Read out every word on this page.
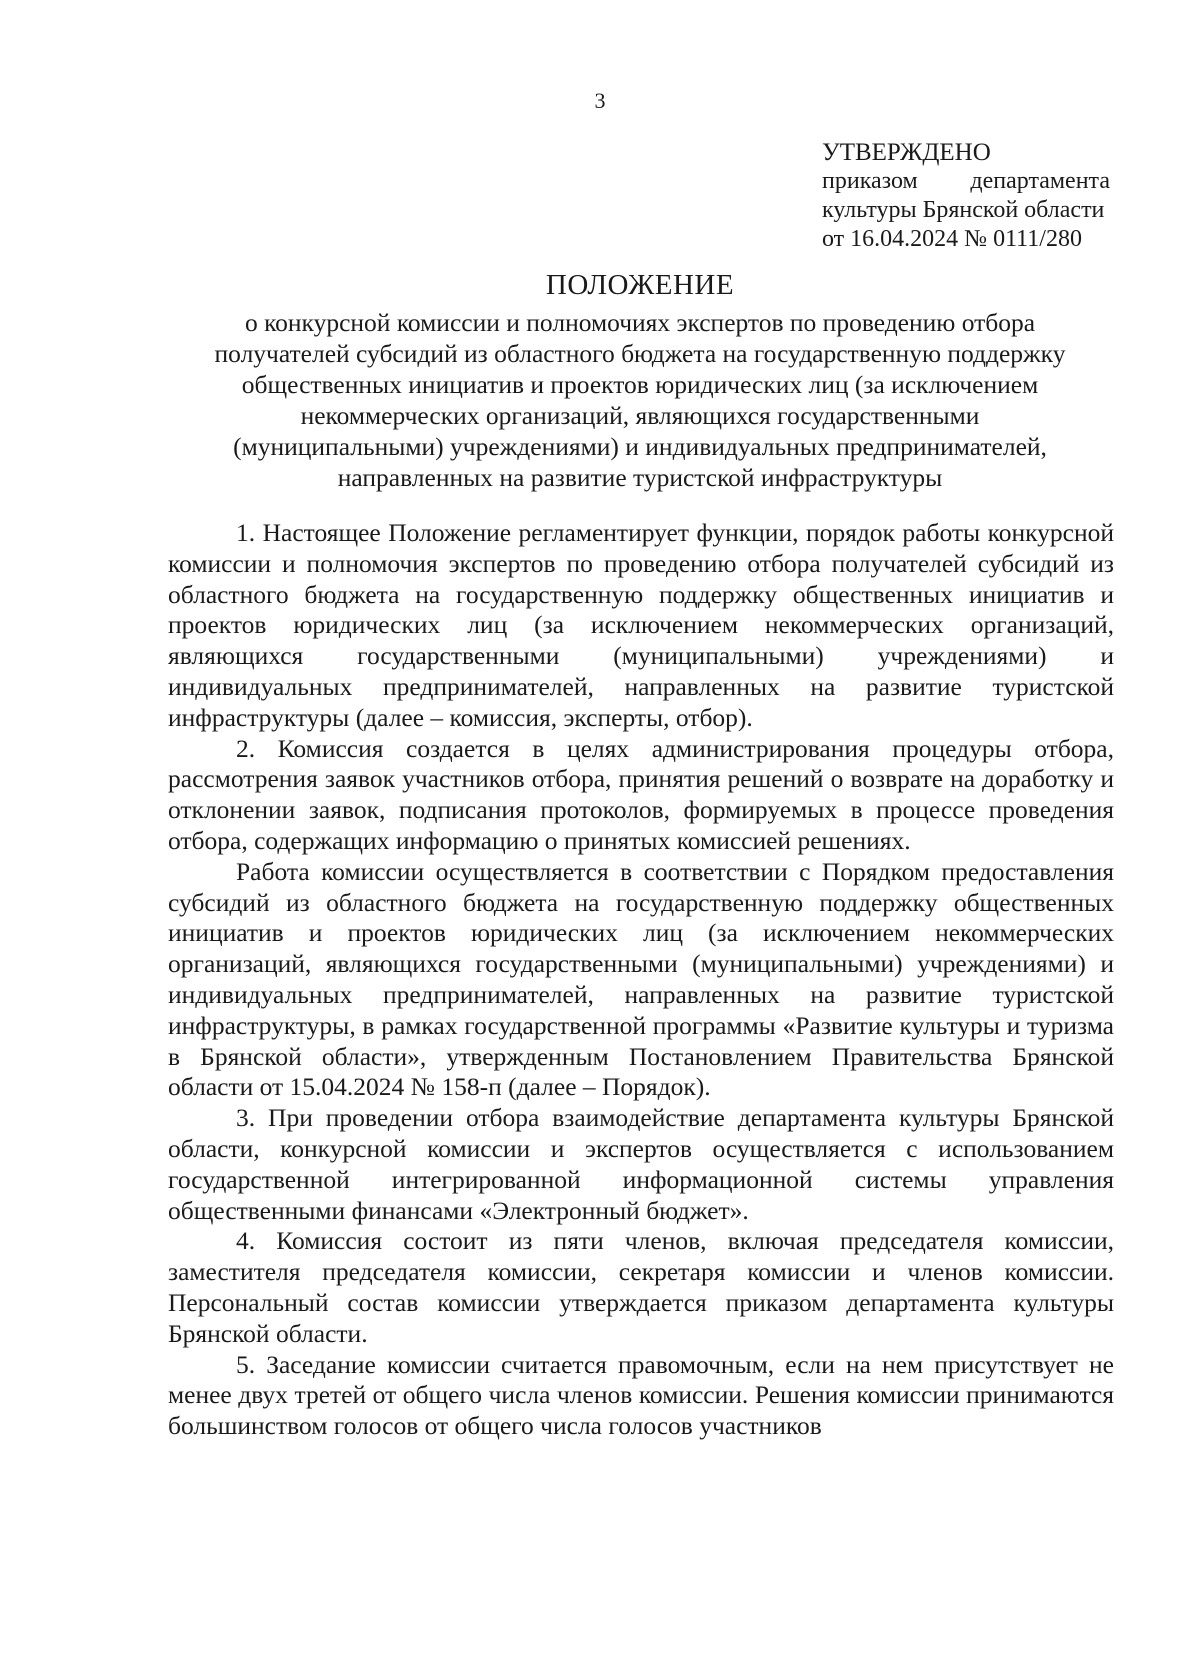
3
УТВЕРЖДЕНО
приказом департамента
культуры Брянской области
от 16.04.2024 № 0111/280
ПОЛОЖЕНИЕ
о конкурсной комиссии и полномочиях экспертов по проведению отбора
получателей субсидий из областного бюджета на государственную поддержку
общественных инициатив и проектов юридических лиц (за исключением
некоммерческих организаций, являющихся государственными
(муниципальными) учреждениями) и индивидуальных предпринимателей,
направленных на развитие туристской инфраструктуры

1. Настоящее Положение регламентирует функции, порядок работы конкурсной комиссии и полномочия экспертов по проведению отбора получателей субсидий из областного бюджета на государственную поддержку общественных инициатив и проектов юридических лиц (за исключением некоммерческих организаций, являющихся государственными (муниципальными) учреждениями) и индивидуальных предпринимателей, направленных на развитие туристской инфраструктуры (далее – комиссия, эксперты, отбор).

2. Комиссия создается в целях администрирования процедуры отбора, рассмотрения заявок участников отбора, принятия решений о возврате на доработку и отклонении заявок, подписания протоколов, формируемых в процессе проведения отбора, содержащих информацию о принятых комиссией решениях.

Работа комиссии осуществляется в соответствии с Порядком предоставления субсидий из областного бюджета на государственную поддержку общественных инициатив и проектов юридических лиц (за исключением некоммерческих организаций, являющихся государственными (муниципальными) учреждениями) и индивидуальных предпринимателей, направленных на развитие туристской инфраструктуры, в рамках государственной программы «Развитие культуры и туризма в Брянской области», утвержденным Постановлением Правительства Брянской области от 15.04.2024 № 158-п (далее – Порядок).

3. При проведении отбора взаимодействие департамента культуры Брянской области, конкурсной комиссии и экспертов осуществляется с использованием государственной интегрированной информационной системы управления общественными финансами «Электронный бюджет».

4. Комиссия состоит из пяти членов, включая председателя комиссии, заместителя председателя комиссии, секретаря комиссии и членов комиссии. Персональный состав комиссии утверждается приказом департамента культуры Брянской области.

5. Заседание комиссии считается правомочным, если на нем присутствует не менее двух третей от общего числа членов комиссии. Решения комиссии принимаются большинством голосов от общего числа голосов участников
